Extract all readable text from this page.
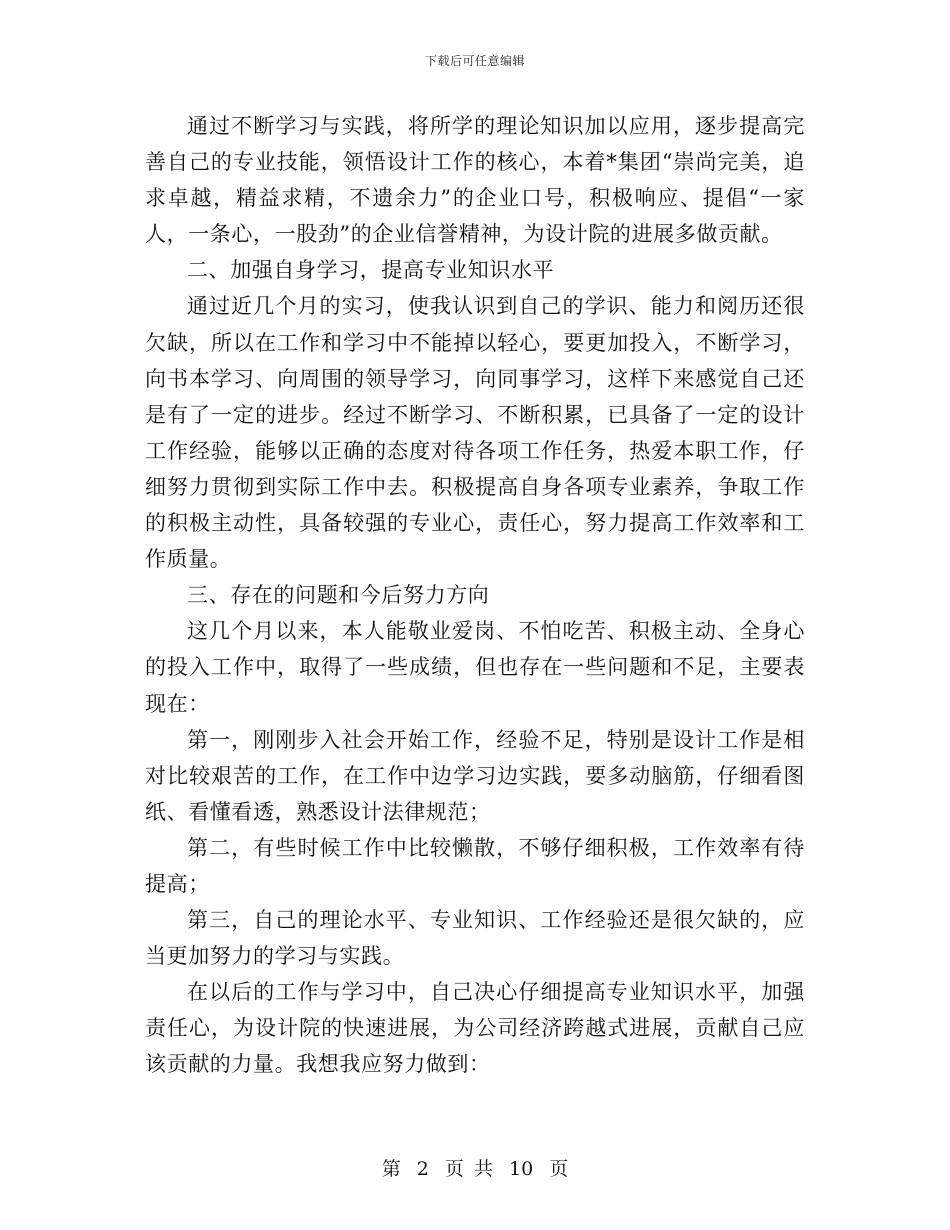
下载后可任意编辑

通过不断学习与实践，将所学的理论知识加以应用，逐步提高完善自己的专业技能，领悟设计工作的核心，本着*集团“崇尚完美，追求卓越，精益求精，不遗余力”的企业口号，积极响应、提倡“一家人，一条心，一股劲”的企业信誉精神，为设计院的进展多做贡献。

二、加强自身学习，提高专业知识水平

通过近几个月的实习，使我认识到自己的学识、能力和阅历还很欠缺，所以在工作和学习中不能掉以轻心，要更加投入，不断学习，向书本学习、向周围的领导学习，向同事学习，这样下来感觉自己还是有了一定的进步。经过不断学习、不断积累，已具备了一定的设计工作经验，能够以正确的态度对待各项工作任务，热爱本职工作，仔细努力贯彻到实际工作中去。积极提高自身各项专业素养，争取工作的积极主动性，具备较强的专业心，责任心，努力提高工作效率和工作质量。

三、存在的问题和今后努力方向

这几个月以来，本人能敬业爱岗、不怕吃苦、积极主动、全身心的投入工作中，取得了一些成绩，但也存在一些问题和不足，主要表现在：

第一，刚刚步入社会开始工作，经验不足，特别是设计工作是相对比较艰苦的工作，在工作中边学习边实践，要多动脑筋，仔细看图纸、看懂看透，熟悉设计法律规范；

第二，有些时候工作中比较懒散，不够仔细积极，工作效率有待提高；

第三，自己的理论水平、专业知识、工作经验还是很欠缺的，应当更加努力的学习与实践。

在以后的工作与学习中，自己决心仔细提高专业知识水平，加强责任心，为设计院的快速进展，为公司经济跨越式进展，贡献自己应该贡献的力量。我想我应努力做到：

第 2 页 共 10 页
